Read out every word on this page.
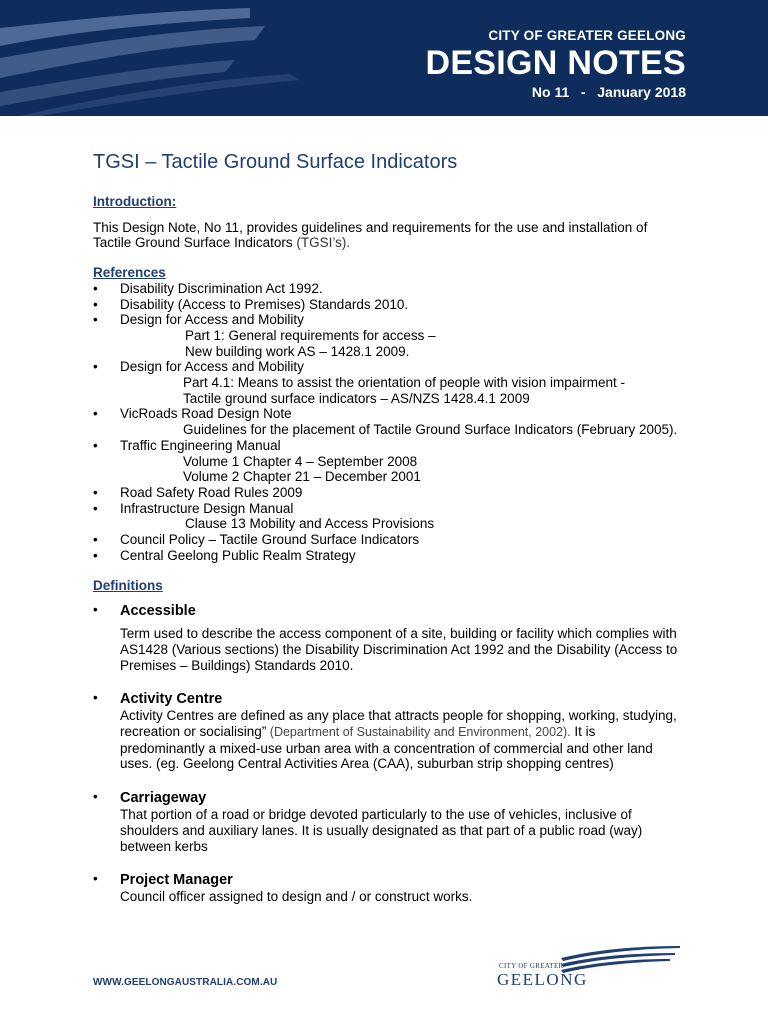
CITY OF GREATER GEELONG
DESIGN NOTES
No 11   -   January 2018
TGSI – Tactile Ground Surface Indicators

Introduction:

This Design Note, No 11, provides guidelines and requirements for the use and installation of Tactile Ground Surface Indicators (TGSI’s).

References

• Disability Discrimination Act 1992.
• Disability (Access to Premises) Standards 2010.
• Design for Access and Mobility
Part 1: General requirements for access –
New building work AS – 1428.1 2009.
• Design for Access and Mobility
Part 4.1: Means to assist the orientation of people with vision impairment -
Tactile ground surface indicators – AS/NZS 1428.4.1 2009
• VicRoads Road Design Note
Guidelines for the placement of Tactile Ground Surface Indicators (February 2005).
• Traffic Engineering Manual
Volume 1 Chapter 4 – September 2008
Volume 2 Chapter 21 – December 2001
• Road Safety Road Rules 2009
• Infrastructure Design Manual
Clause 13 Mobility and Access Provisions
• Council Policy – Tactile Ground Surface Indicators
• Central Geelong Public Realm Strategy

Definitions

• Accessible
Term used to describe the access component of a site, building or facility which complies with AS1428 (Various sections) the Disability Discrimination Act 1992 and the Disability (Access to Premises – Buildings) Standards 2010.
• Activity Centre
Activity Centres are defined as any place that attracts people for shopping, working, studying, recreation or socialising” (Department of Sustainability and Environment, 2002). It is predominantly a mixed-use urban area with a concentration of commercial and other land uses. (eg. Geelong Central Activities Area (CAA), suburban strip shopping centres)
• Carriageway
That portion of a road or bridge devoted particularly to the use of vehicles, inclusive of shoulders and auxiliary lanes. It is usually designated as that part of a public road (way) between kerbs
• Project Manager
Council officer assigned to design and / or construct works.
WWW.GEELONGAUSTRALIA.COM.AU
CITY OF GREATER
GEELONG
